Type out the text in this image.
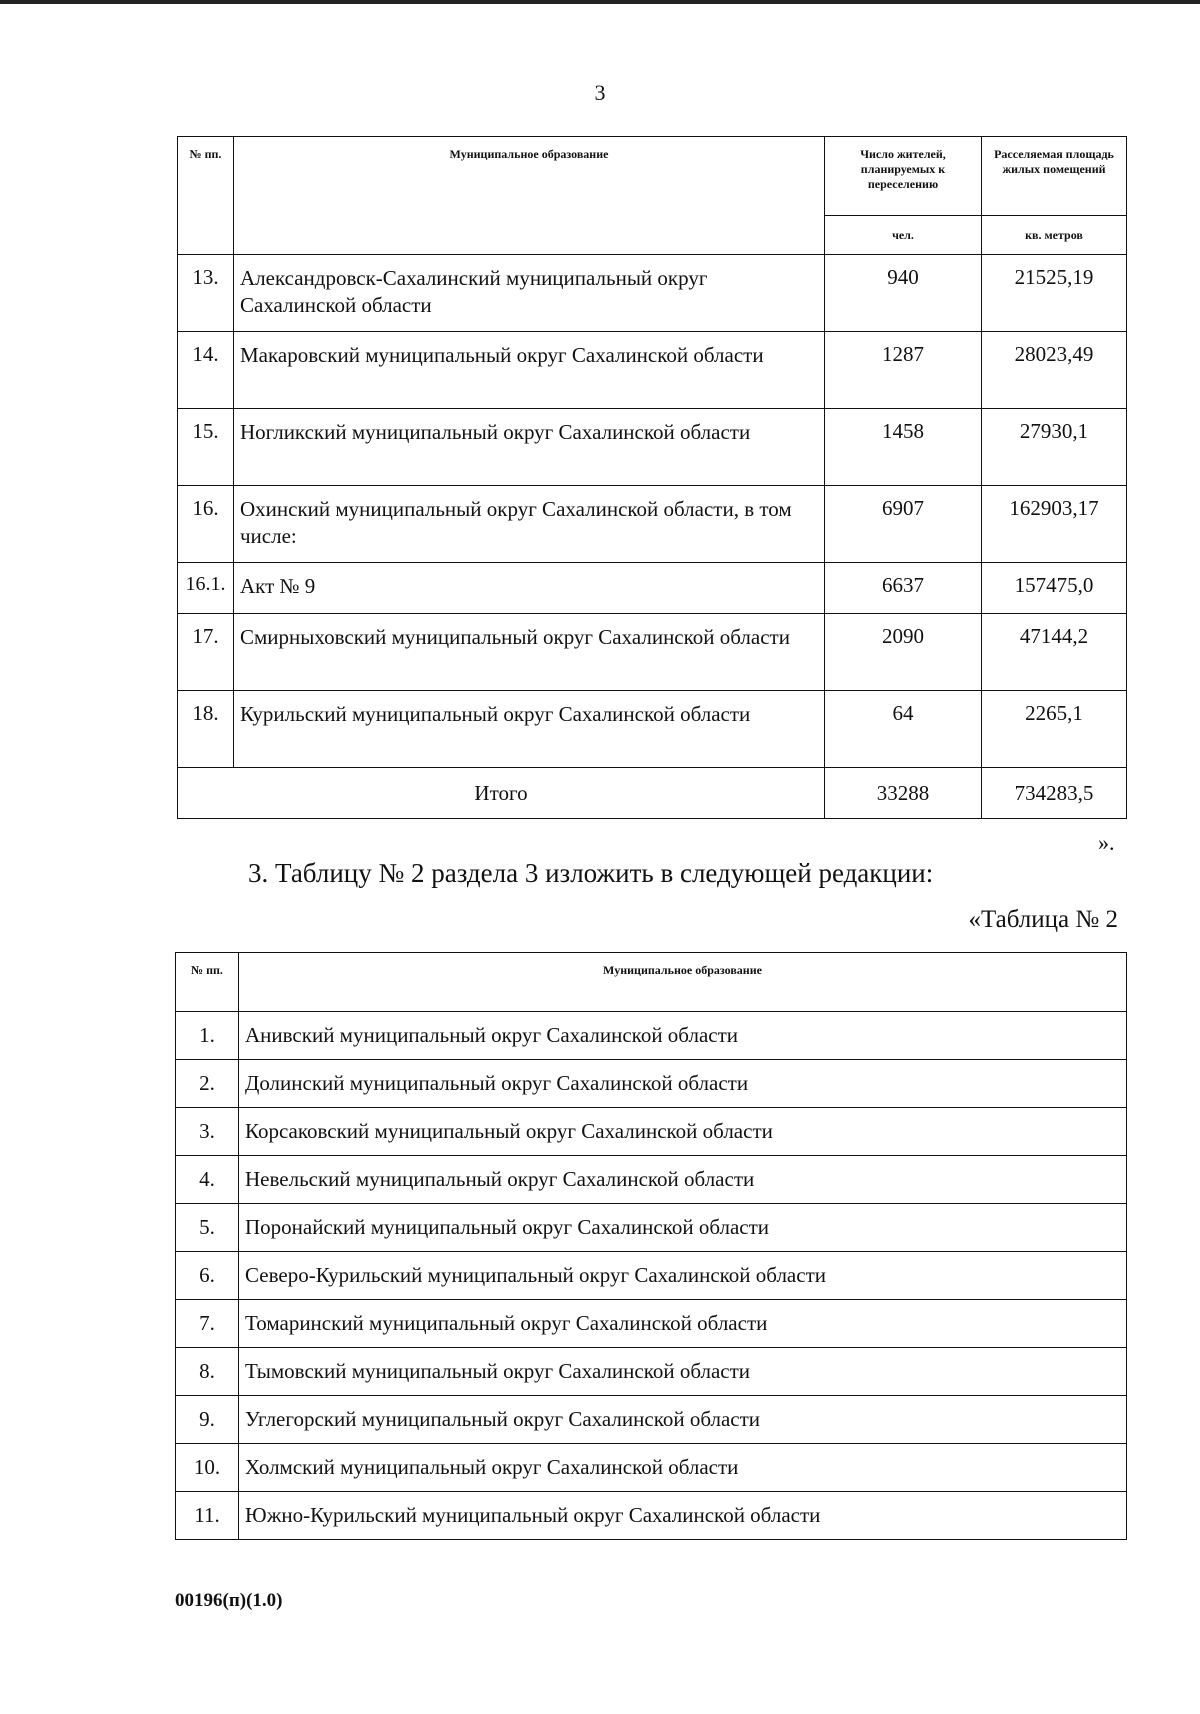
3
№ пп.	Муниципальное образование	Число жителей, планируемых к переселению	Расселяемая площадь жилых помещений
		чел.	кв. метров
13.	Александровск-Сахалинский муниципальный округ Сахалинской области	940	21525,19
14.	Макаровский муниципальный округ Сахалинской области	1287	28023,49
15.	Ногликский муниципальный округ Сахалинской области	1458	27930,1
16.	Охинский муниципальный округ Сахалинской области, в том числе:	6907	162903,17
16.1.	Акт № 9	6637	157475,0
17.	Смирныховский муниципальный округ Сахалинской области	2090	47144,2
18.	Курильский муниципальный округ Сахалинской области	64	2265,1
Итого		33288	734283,5
».
3. Таблицу № 2 раздела 3 изложить в следующей редакции:
«Таблица № 2
№ пп.	Муниципальное образование
1.	Анивский муниципальный округ Сахалинской области
2.	Долинский муниципальный округ Сахалинской области
3.	Корсаковский муниципальный округ Сахалинской области
4.	Невельский муниципальный округ Сахалинской области
5.	Поронайский муниципальный округ Сахалинской области
6.	Северо-Курильский муниципальный округ Сахалинской области
7.	Томаринский муниципальный округ Сахалинской области
8.	Тымовский муниципальный округ Сахалинской области
9.	Углегорский муниципальный округ Сахалинской области
10.	Холмский муниципальный округ Сахалинской области
11.	Южно-Курильский муниципальный округ Сахалинской области
00196(п)(1.0)
